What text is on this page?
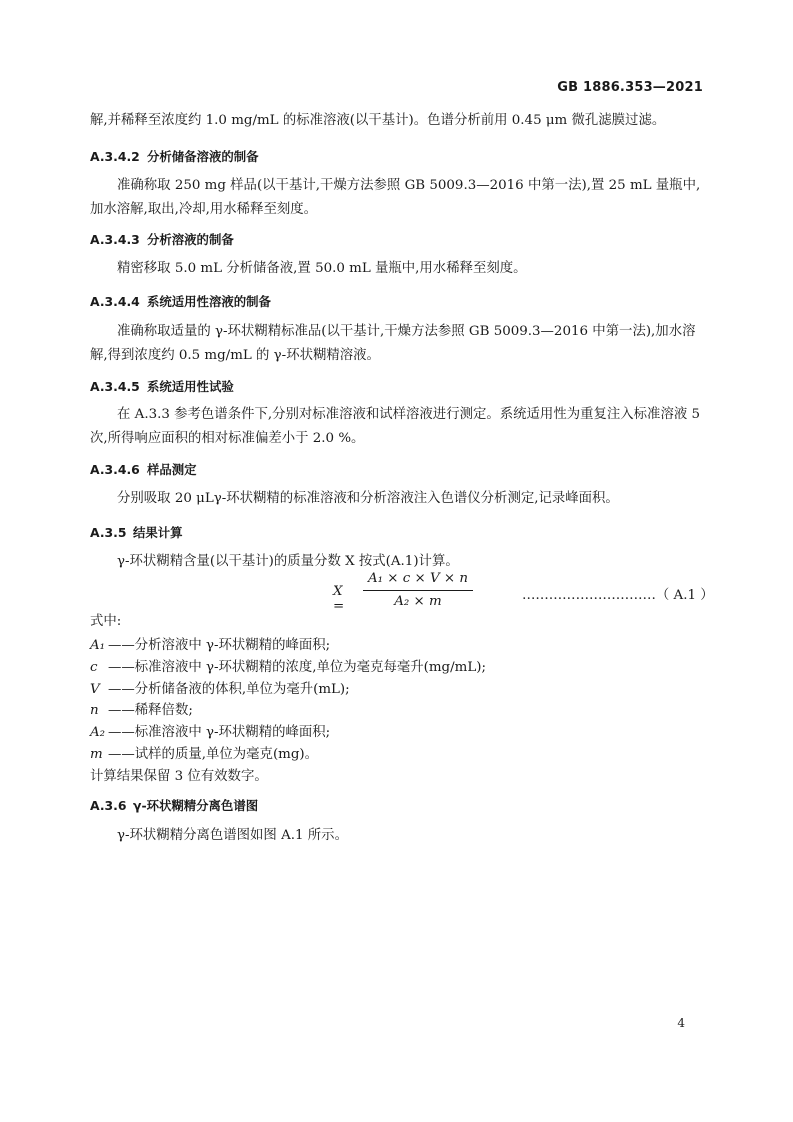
GB 1886.353—2021

解,并稀释至浓度约 1.0 mg/mL 的标准溶液(以干基计)。色谱分析前用 0.45 μm 微孔滤膜过滤。

A.3.4.2 分析储备溶液的制备

准确称取 250 mg 样品(以干基计,干燥方法参照 GB 5009.3—2016 中第一法),置 25 mL 量瓶中,加水溶解,取出,冷却,用水稀释至刻度。

A.3.4.3 分析溶液的制备

精密移取 5.0 mL 分析储备液,置 50.0 mL 量瓶中,用水稀释至刻度。

A.3.4.4 系统适用性溶液的制备

准确称取适量的 γ-环状糊精标准品(以干基计,干燥方法参照 GB 5009.3—2016 中第一法),加水溶解,得到浓度约 0.5 mg/mL 的 γ-环状糊精溶液。

A.3.4.5 系统适用性试验

在 A.3.3 参考色谱条件下,分别对标准溶液和试样溶液进行测定。系统适用性为重复注入标准溶液 5 次,所得响应面积的相对标准偏差小于 2.0 %。

A.3.4.6 样品测定

分别吸取 20 μLγ-环状糊精的标准溶液和分析溶液注入色谱仪分析测定,记录峰面积。

A.3.5 结果计算

γ-环状糊精含量(以干基计)的质量分数 X 按式(A.1)计算。

$X = \frac{\text{A₁ × c × V × n}}{\text{A₂ × m}}$	…………………………（ A.1 ）
式中:
A₁ ——分析溶液中 γ-环状糊精的峰面积;
c ——标准溶液中 γ-环状糊精的浓度,单位为毫克每毫升(mg/mL);
V ——分析储备液的体积,单位为毫升(mL);
n ——稀释倍数;
A₂ ——标准溶液中 γ-环状糊精的峰面积;
m ——试样的质量,单位为毫克(mg)。
计算结果保留 3 位有效数字。
A.3.6 γ-环状糊精分离色谱图

γ-环状糊精分离色谱图如图 A.1 所示。

4
